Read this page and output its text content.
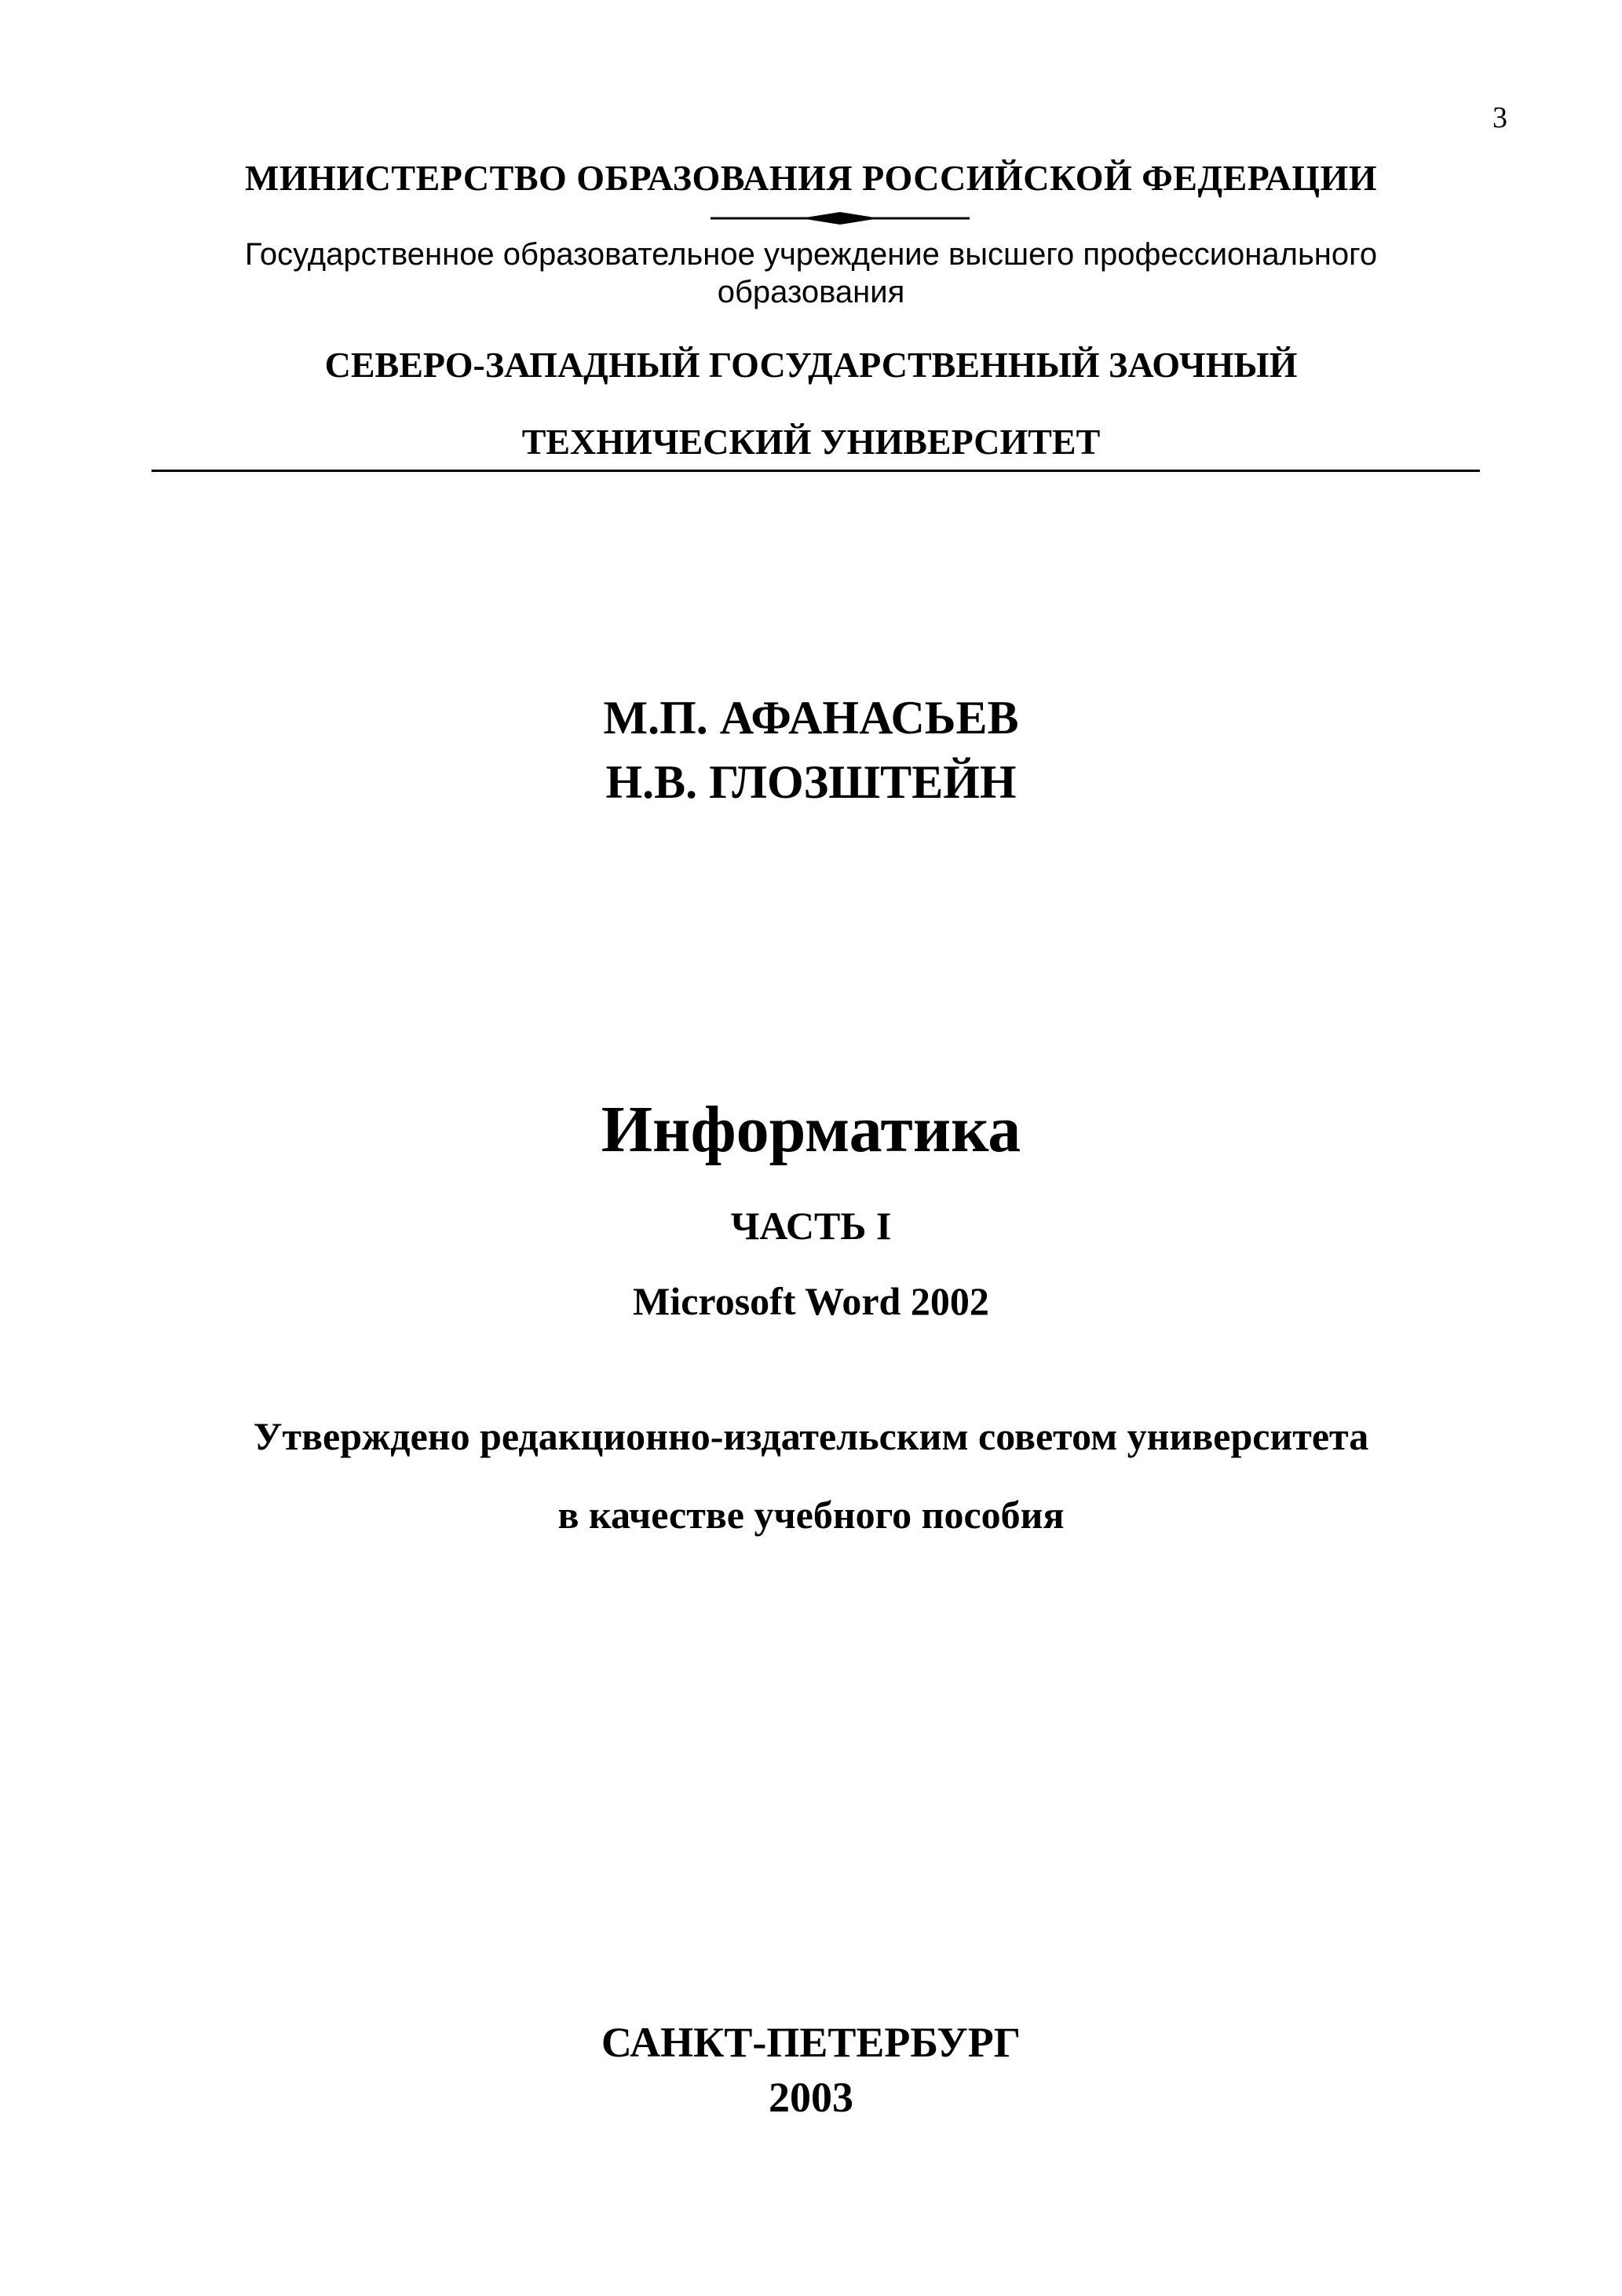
3
МИНИСТЕРСТВО ОБРАЗОВАНИЯ РОССИЙСКОЙ ФЕДЕРАЦИИ
Государственное образовательное учреждение высшего профессионального
образования
СЕВЕРО-ЗАПАДНЫЙ ГОСУДАРСТВЕННЫЙ ЗАОЧНЫЙ
ТЕХНИЧЕСКИЙ УНИВЕРСИТЕТ
М.П. АФАНАСЬЕВ
Н.В. ГЛОЗШТЕЙН
Информатика
ЧАСТЬ I
Microsoft Word 2002
Утверждено редакционно-издательским советом университета
в качестве учебного пособия
САНКТ-ПЕТЕРБУРГ
2003
